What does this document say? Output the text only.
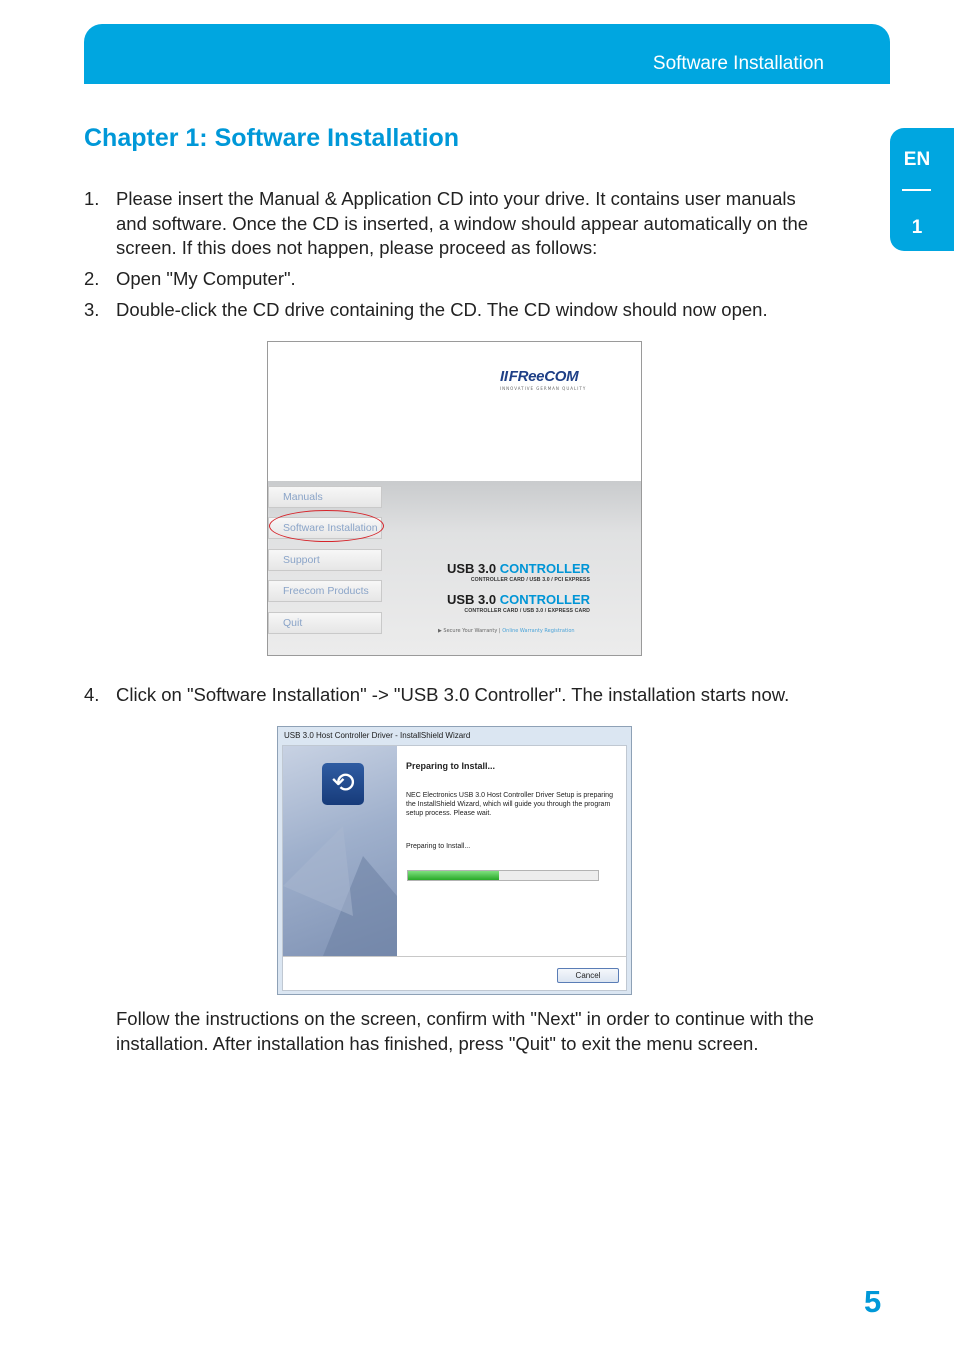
Software Installation
EN
1
Chapter 1: Software Installation
1. Please insert the Manual & Application CD into your drive. It contains user manuals and software. Once the CD is inserted, a window should appear automatically on the screen. If this does not happen, please proceed as follows:
2. Open "My Computer".
3. Double-click the CD drive containing the CD. The CD window should now open.
IIFReeCOM
INNOVATIVE GERMAN QUALITY
Manuals
Software Installation
Support
Freecom Products
Quit
USB 3.0 CONTROLLER
CONTROLLER CARD / USB 3.0 / PCI EXPRESS
USB 3.0 CONTROLLER
CONTROLLER CARD / USB 3.0 / EXPRESS CARD
▶ Secure Your Warranty | Online Warranty Registration
4. Click on "Software Installation" -> "USB 3.0 Controller". The installation starts now.
USB 3.0 Host Controller Driver - InstallShield Wizard
⟲
Preparing to Install...
NEC Electronics USB 3.0 Host Controller Driver Setup is preparing the InstallShield Wizard, which will guide you through the program setup process. Please wait.
Preparing to Install...
Cancel
Follow the instructions on the screen, confirm with "Next" in order to continue with the installation. After installation has finished, press "Quit" to exit the menu screen.
5
